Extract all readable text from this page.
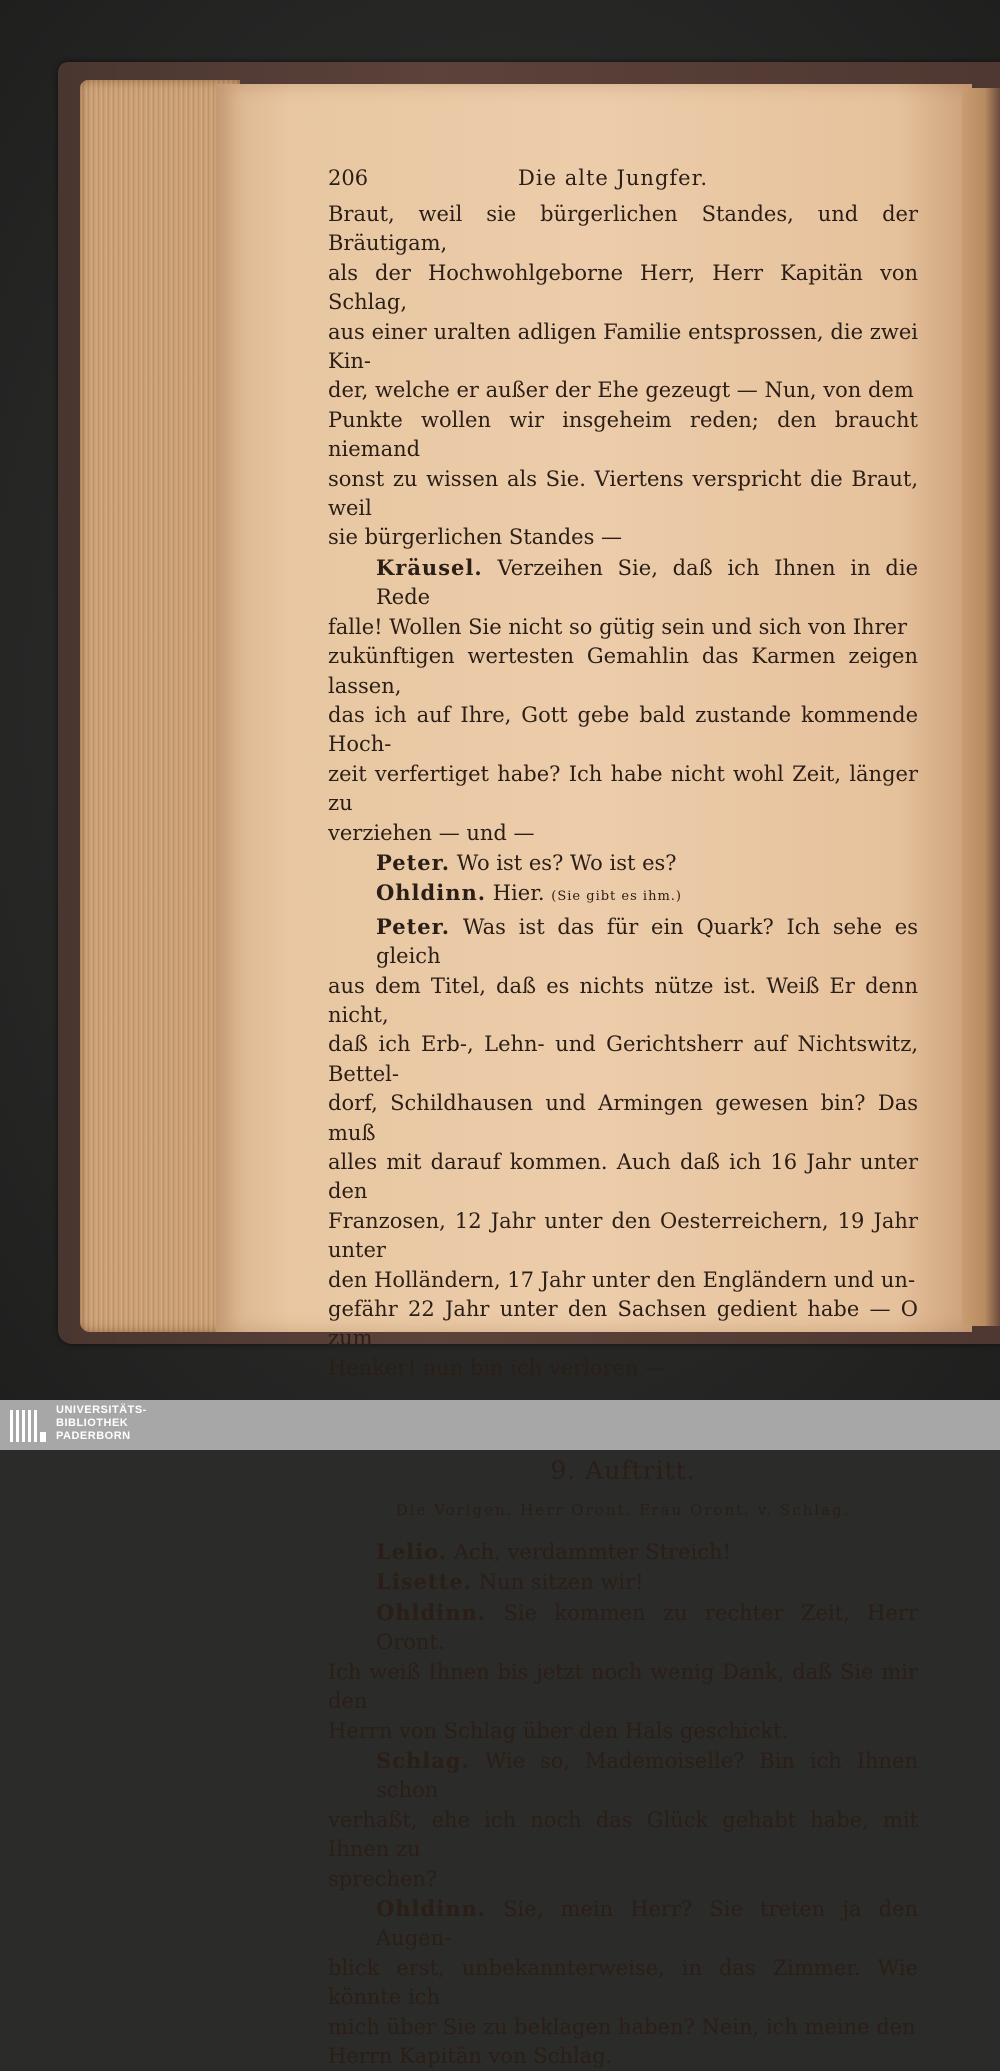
206	Die alte Jungfer.

Braut, weil sie bürgerlichen Standes, und der Bräutigam,
als der Hochwohlgeborne Herr, Herr Kapitän von Schlag,
aus einer uralten adligen Familie entsprossen, die zwei Kin-
der, welche er außer der Ehe gezeugt — Nun, von dem
Punkte wollen wir insgeheim reden; den braucht niemand
sonst zu wissen als Sie. Viertens verspricht die Braut, weil
sie bürgerlichen Standes —

Kräusel. Verzeihen Sie, daß ich Ihnen in die Rede
falle! Wollen Sie nicht so gütig sein und sich von Ihrer
zukünftigen wertesten Gemahlin das Karmen zeigen lassen,
das ich auf Ihre, Gott gebe bald zustande kommende Hoch-
zeit verfertiget habe? Ich habe nicht wohl Zeit, länger zu
verziehen — und —

Peter. Wo ist es? Wo ist es?

Ohldinn. Hier. (Sie gibt es ihm.)

Peter. Was ist das für ein Quark? Ich sehe es gleich
aus dem Titel, daß es nichts nütze ist. Weiß Er denn nicht,
daß ich Erb-, Lehn- und Gerichtsherr auf Nichtswitz, Bettel-
dorf, Schildhausen und Armingen gewesen bin? Das muß
alles mit darauf kommen. Auch daß ich 16 Jahr unter den
Franzosen, 12 Jahr unter den Oesterreichern, 19 Jahr unter
den Holländern, 17 Jahr unter den Engländern und un-
gefähr 22 Jahr unter den Sachsen gedient habe — O zum
Henker! nun bin ich verloren —

9. Auftritt.
Die Vorigen. Herr Oront. Frau Oront. v. Schlag.

Lelio. Ach, verdammter Streich!

Lisette. Nun sitzen wir!

Ohldinn. Sie kommen zu rechter Zeit, Herr Oront.
Ich weiß Ihnen bis jetzt noch wenig Dank, daß Sie mir den
Herrn von Schlag über den Hals geschickt.

Schlag. Wie so, Mademoiselle? Bin ich Ihnen schon
verhaßt, ehe ich noch das Glück gehabt habe, mit Ihnen zu
sprechen?

Ohldinn. Sie, mein Herr? Sie treten ja den Augen-
blick erst, unbekannterweise, in das Zimmer. Wie könnte ich
mich über Sie zu beklagen haben? Nein, ich meine den
Herrn Kapitän von Schlag.

UNIVERSITÄTS-
BIBLIOTHEK
PADERBORN
